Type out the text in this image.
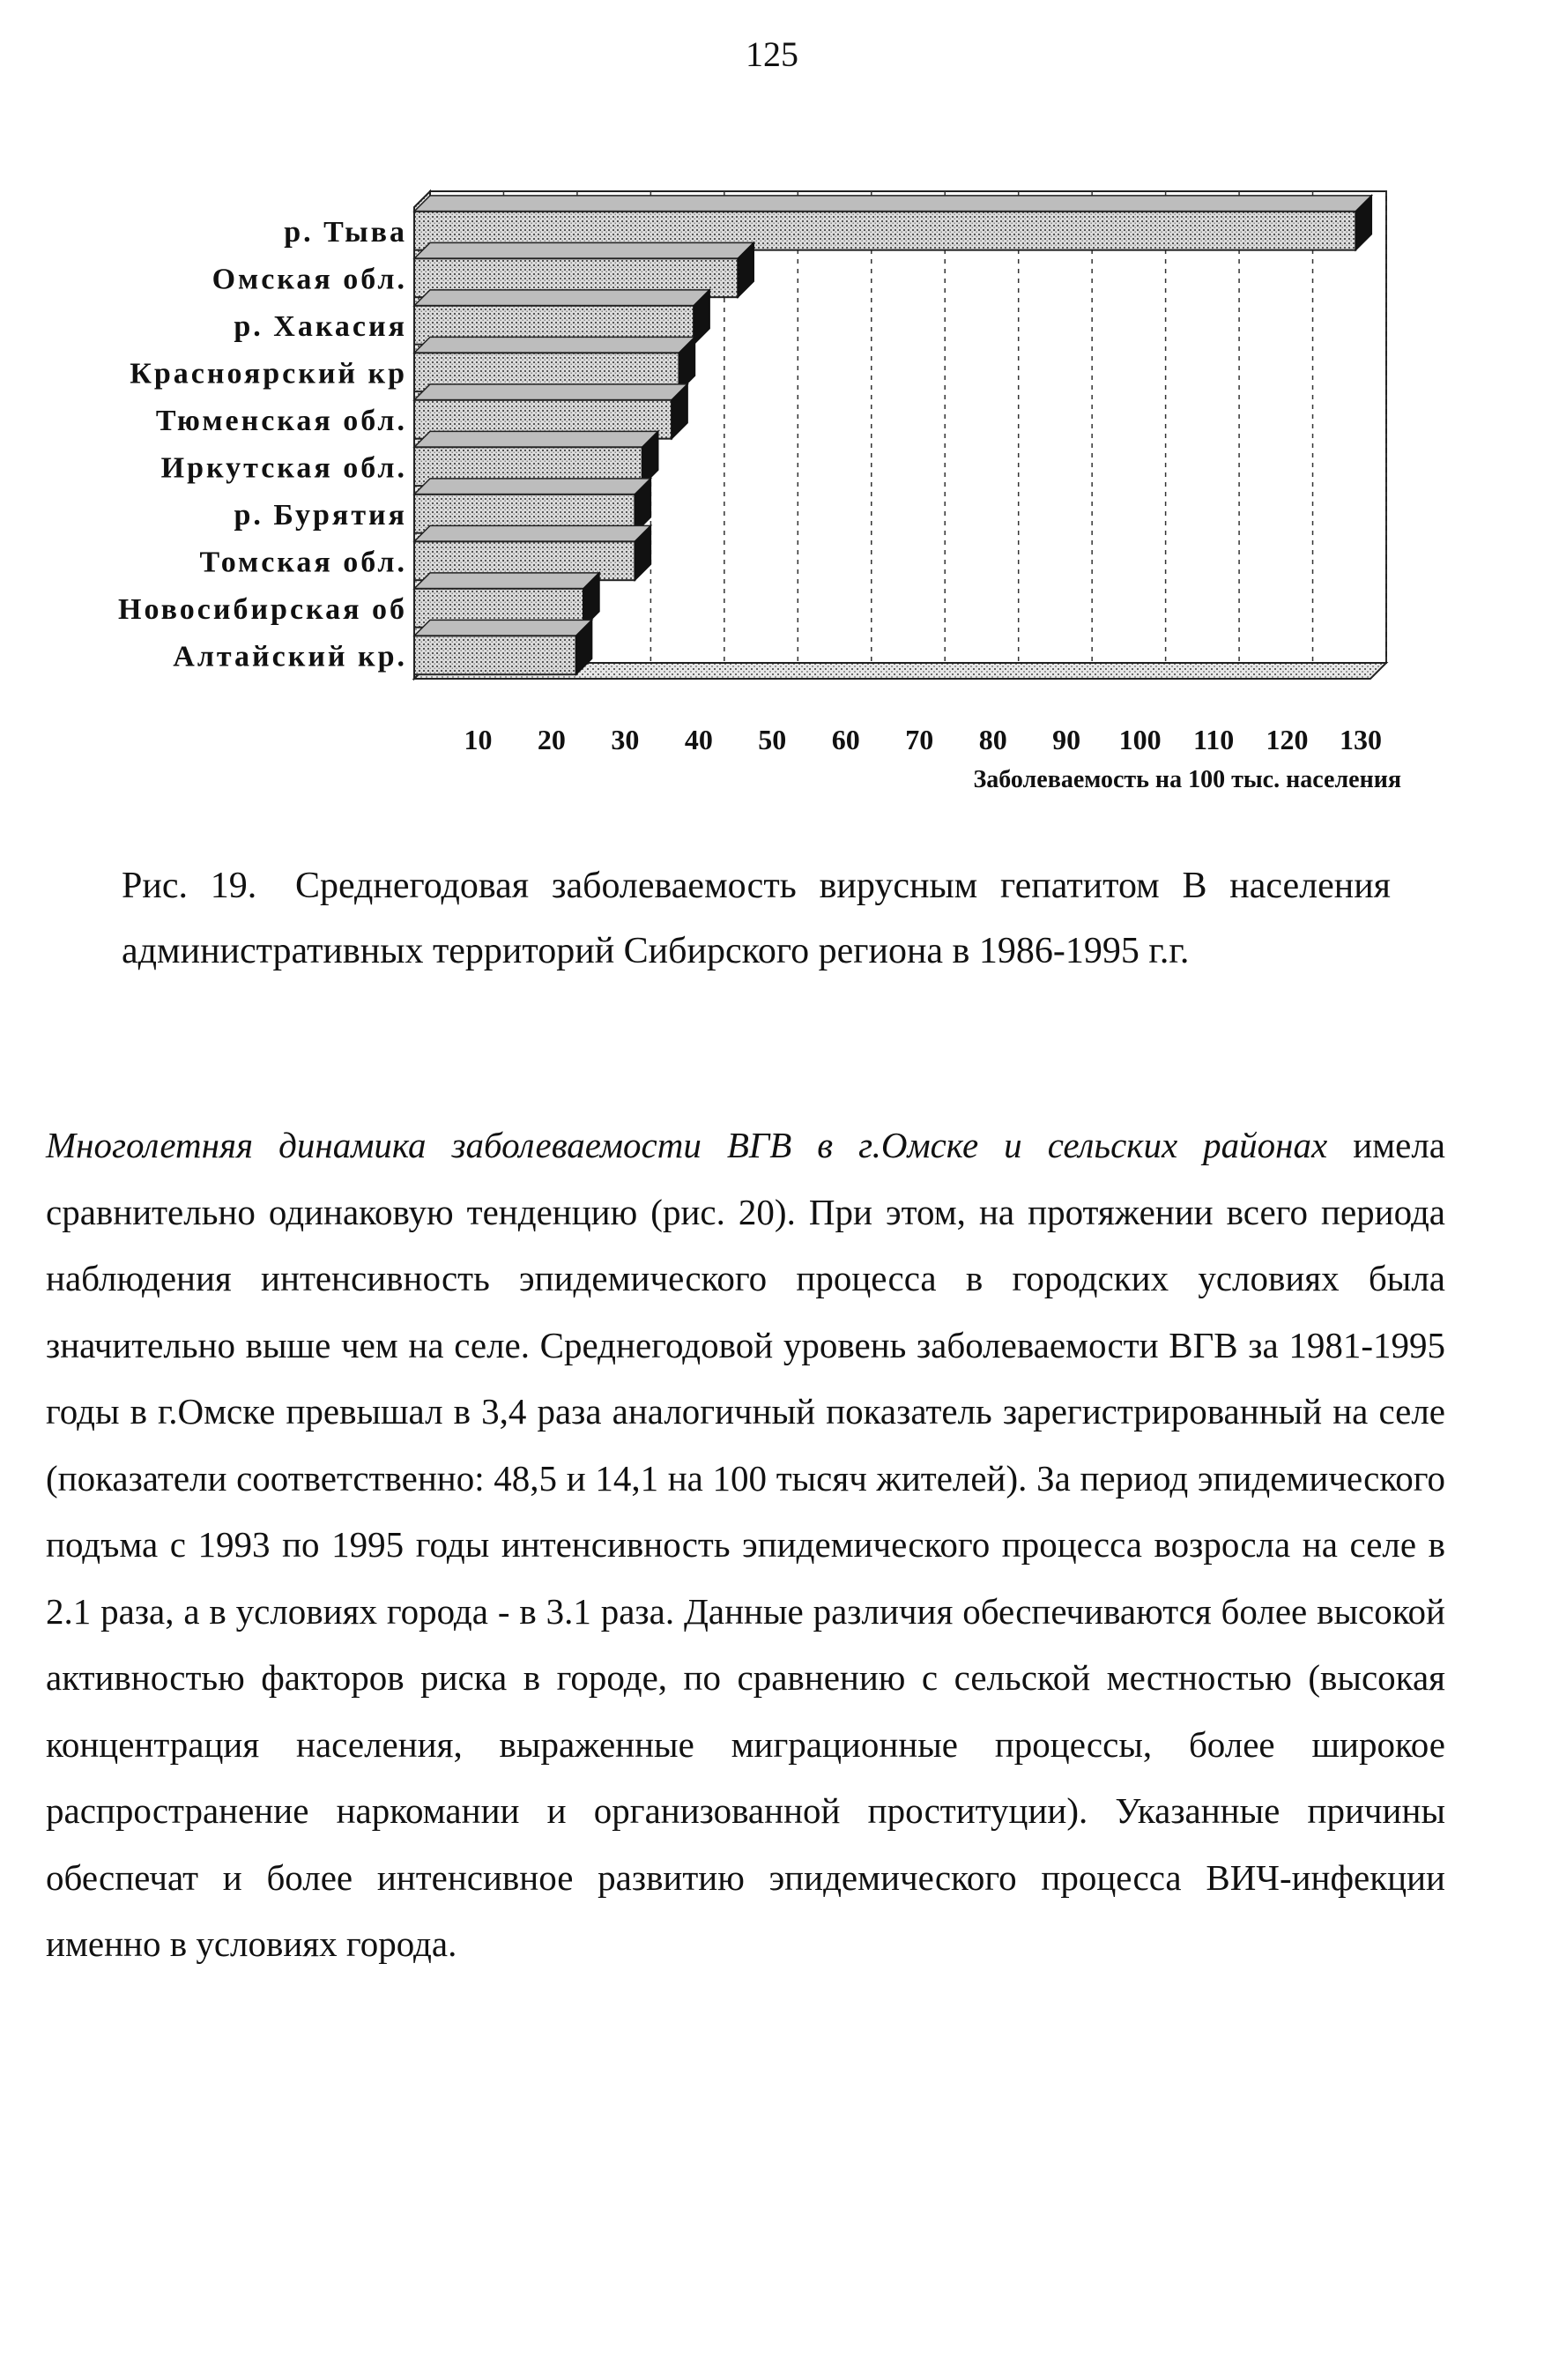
125
р. Тыва
Омская обл.
р. Хакасия
Красноярский кр
Тюменская обл.
Иркутская обл.
р. Бурятия
Томская обл.
Новосибирская об
Алтайский кр.
10 20 30 40 50 60 70 80 90 100 110 120 130
Заболеваемость на 100 тыс. населения
Рис. 19. Среднегодовая заболеваемость вирусным гепатитом В населения административных территорий Сибирского региона в 1986-1995 г.г.
Многолетняя динамика заболеваемости ВГВ в г.Омске и сельских районах имела сравнительно одинаковую тенденцию (рис. 20). При этом, на протяжении всего периода наблюдения интенсивность эпидемического процесса в городских условиях была значительно выше чем на селе. Среднегодовой уровень заболеваемости ВГВ за 1981-1995 годы в г.Омске превышал в 3,4 раза аналогичный показатель зарегистрированный на селе (показатели соответственно: 48,5 и 14,1 на 100 тысяч жителей). За период эпидемического подъма с 1993 по 1995 годы интенсивность эпидемического процесса возросла на селе в 2.1 раза, а в условиях города - в 3.1 раза. Данные различия обеспечиваются более высокой активностью факторов риска в городе, по сравнению с сельской местностью (высокая концентрация населения, выраженные миграционные процессы, более широкое распространение наркомании и организованной проституции). Указанные причины обеспечат и более интенсивное развитию эпидемического процесса ВИЧ-инфекции именно в условиях города.
